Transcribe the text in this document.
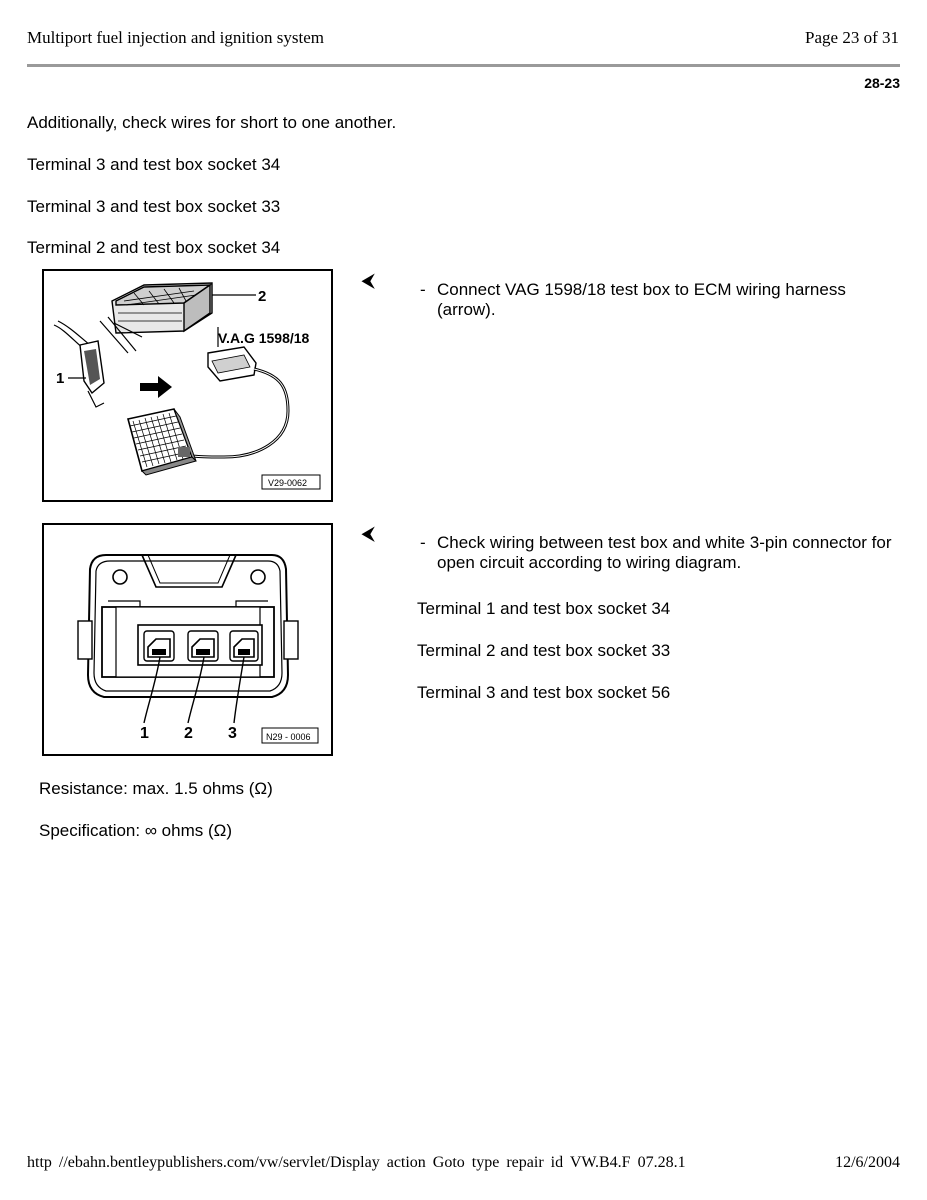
Multiport fuel injection and ignition system	Page 23 of 31
28-23
Additionally, check wires for short to one another.
Terminal 3 and test box socket 34
Terminal 3 and test box socket 33
Terminal 2 and test box socket 34
2
V.A.G 1598/18
1
V29-0062
⮜	- Connect VAG 1598/18 test box to ECM wiring harness (arrow).
1 2 3	N29 - 0006
⮜	- Check wiring between test box and white 3-pin connector for open circuit according to wiring diagram.
Terminal 1 and test box socket 34
Terminal 2 and test box socket 33
Terminal 3 and test box socket 56
Resistance: max. 1.5 ohms (Ω)
Specification: ∞ ohms (Ω)
http //ebahn.bentleypublishers.com/vw/servlet/Display action Goto type repair id VW.B4.F 07.28.1	12/6/2004
